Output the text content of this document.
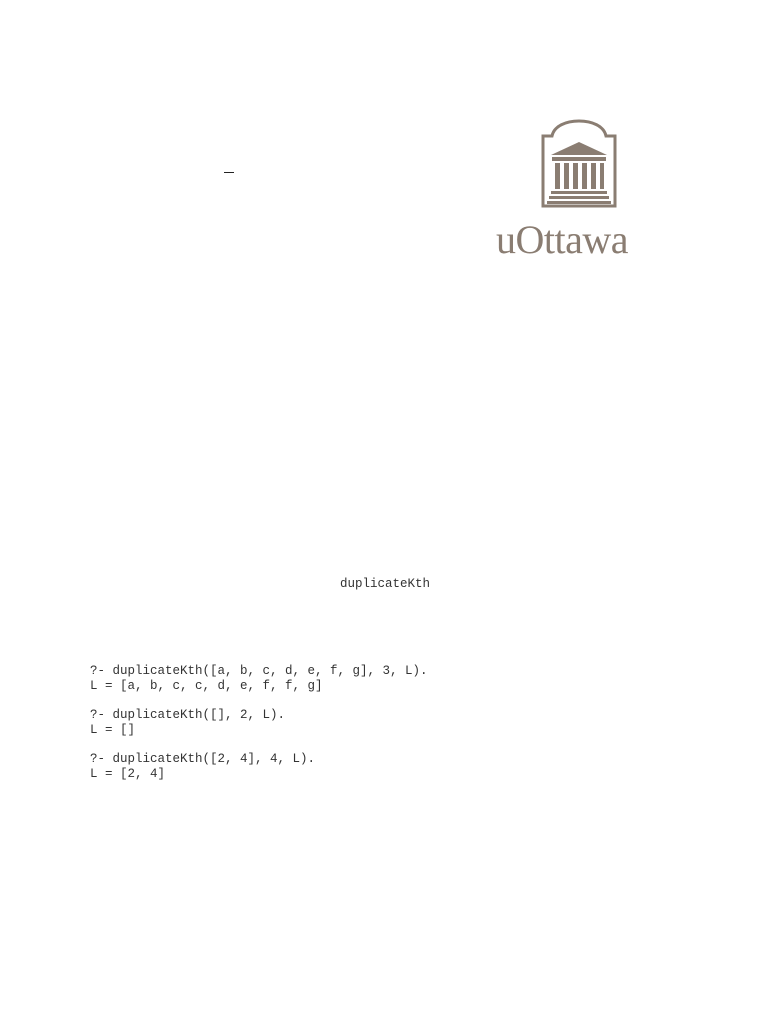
uOttawa
duplicateKth
?- duplicateKth([a, b, c, d, e, f, g], 3, L).
L = [a, b, c, c, d, e, f, f, g]
?- duplicateKth([], 2, L).
L = []
?- duplicateKth([2, 4], 4, L).
L = [2, 4]
